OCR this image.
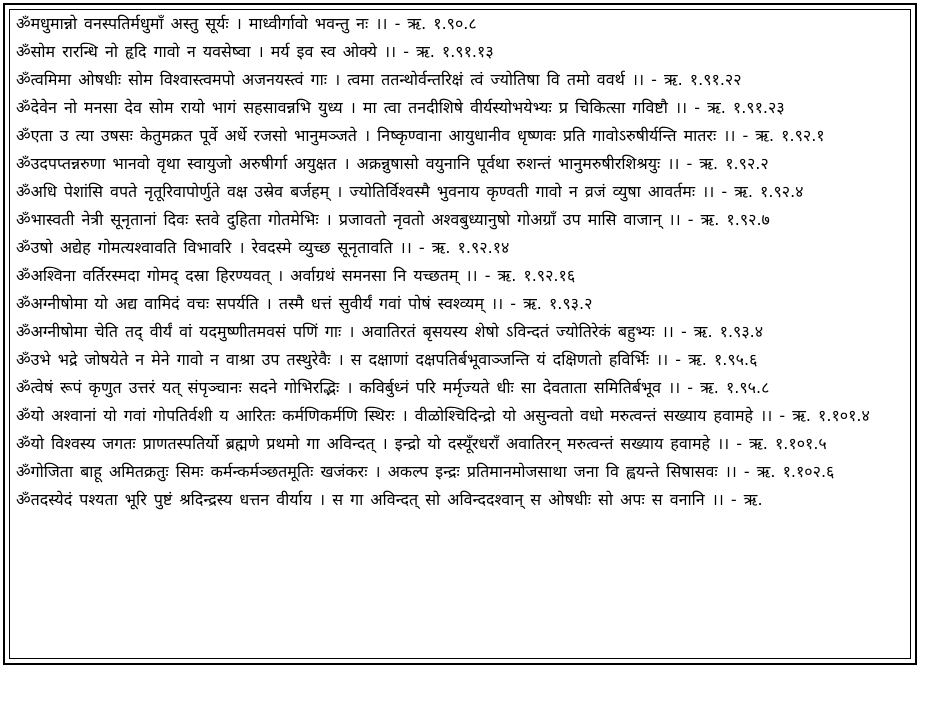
ॐमधुमान्नो वनस्पतिर्मधुमाँ अस्तु सूर्यः । माध्वीर्गावो भवन्तु नः ।। - ऋ. १.९०.८

ॐसोम रारन्धि नो हृदि गावो न यवसेष्वा । मर्य इव स्व ओक्ये ।। - ऋ. १.९१.१३

ॐत्वमिमा ओषधीः सोम विश्वास्त्वमपो अजनयस्त्वं गाः । त्वमा ततन्थोर्वन्तरिक्षं त्वं ज्योतिषा वि तमो ववर्थ ।। - ऋ. १.९१.२२

ॐदेवेन नो मनसा देव सोम रायो भागं सहसावन्नभि युध्य । मा त्वा तनदीशिषे वीर्यस्योभयेभ्यः प्र चिकित्सा गविष्टौ ।। - ऋ. १.९१.२३

ॐएता उ त्या उषसः केतुमक्रत पूर्वे अर्धे रजसो भानुमञ्जते । निष्कृण्वाना आयुधानीव धृष्णवः प्रति गावोऽरुषीर्यन्ति मातरः ।। - ऋ. १.९२.१

ॐउदपप्तन्नरुणा भानवो वृथा स्वायुजो अरुषीर्गा अयुक्षत । अक्रन्नुषासो वयुनानि पूर्वथा रुशन्तं भानुमरुषीरशिश्रयुः ।। - ऋ. १.९२.२

ॐअधि पेशांसि वपते नृतूरिवापोर्णुते वक्ष उस्रेव बर्जहम् । ज्योतिर्विश्वस्मै भुवनाय कृण्वती गावो न व्रजं व्युषा आवर्तमः ।। - ऋ. १.९२.४

ॐभास्वती नेत्री सूनृतानां दिवः स्तवे दुहिता गोतमेभिः । प्रजावतो नृवतो अश्वबुध्यानुषो गोअग्राँ उप मासि वाजान् ।। - ऋ. १.९२.७

ॐउषो अद्येह गोमत्यश्वावति विभावरि । रेवदस्मे व्युच्छ सूनृतावति ।। - ऋ. १.९२.१४

ॐअश्विना वर्तिरस्मदा गोमद् दस्रा हिरण्यवत् । अर्वाग्रथं समनसा नि यच्छतम् ।। - ऋ. १.९२.१६

ॐअग्नीषोमा यो अद्य वामिदं वचः सपर्यति । तस्मै धत्तं सुवीर्यं गवां पोषं स्वश्व्यम् ।। - ऋ. १.९३.२

ॐअग्नीषोमा चेति तद् वीर्यं वां यदमुष्णीतमवसं पणिं गाः । अवातिरतं बृसयस्य शेषो ऽविन्दतं ज्योतिरेकं बहुभ्यः ।। - ऋ. १.९३.४

ॐउभे भद्रे जोषयेते न मेने गावो न वाश्रा उप तस्थुरेवैः । स दक्षाणां दक्षपतिर्बभूवाञ्जन्ति यं दक्षिणतो हविर्भिः ।। - ऋ. १.९५.६

ॐत्वेषं रूपं कृणुत उत्तरं यत् संपृञ्चानः सदने गोभिरद्भिः । कविर्बुध्नं परि मर्मृज्यते धीः सा देवताता समितिर्बभूव ।। - ऋ. १.९५.८

ॐयो अश्वानां यो गवां गोपतिर्वशी य आरितः कर्मणिकर्मणि स्थिरः । वीळोश्चिदिन्द्रो यो असुन्वतो वधो मरुत्वन्तं सख्याय हवामहे ।। - ऋ. १.१०१.४

ॐयो विश्वस्य जगतः प्राणतस्पतिर्यो ब्रह्मणे प्रथमो गा अविन्दत् । इन्द्रो यो दस्यूँरधराँ अवातिरन् मरुत्वन्तं सख्याय हवामहे ।। - ऋ. १.१०१.५

ॐगोजिता बाहू अमितक्रतुः सिमः कर्मन्कर्मञ्छतमूतिः खजंकरः । अकल्प इन्द्रः प्रतिमानमोजसाथा जना वि ह्वयन्ते सिषासवः ।। - ऋ. १.१०२.६

ॐतदस्येदं पश्यता भूरि पुष्टं श्रदिन्द्रस्य धत्तन वीर्याय । स गा अविन्दत् सो अविन्ददश्वान् स ओषधीः सो अपः स वनानि ।। - ऋ.
